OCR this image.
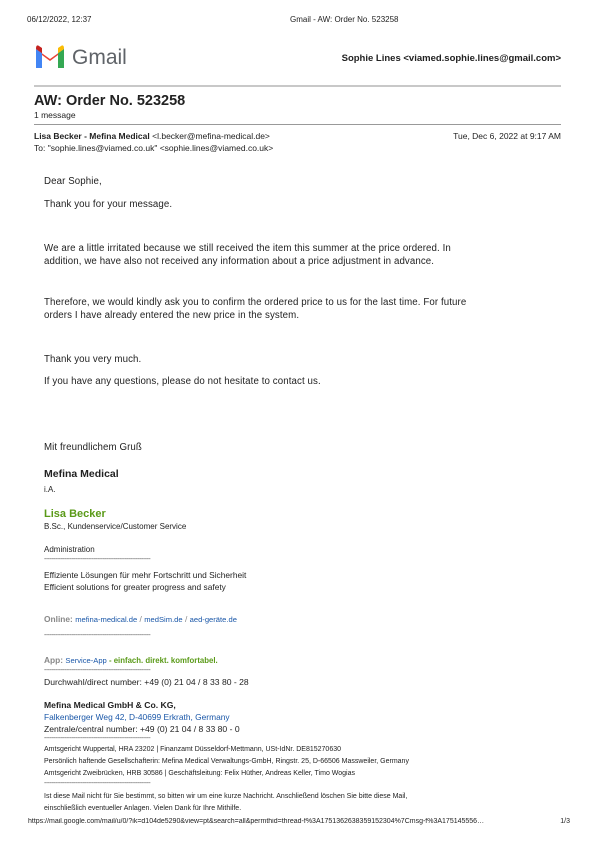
06/12/2022, 12:37	Gmail - AW: Order No. 523258
Gmail	Sophie Lines <viamed.sophie.lines@gmail.com>
AW: Order No. 523258
1 message
Lisa Becker - Mefina Medical <l.becker@mefina-medical.de>	Tue, Dec 6, 2022 at 9:17 AM
To: "sophie.lines@viamed.co.uk" <sophie.lines@viamed.co.uk>
Dear Sophie,
Thank you for your message.
We are a little irritated because we still received the item this summer at the price ordered. In
addition, we have also not received any information about a price adjustment in advance.
Therefore, we would kindly ask you to confirm the ordered price to us for the last time. For future
orders I have already entered the new price in the system.
Thank you very much.
If you have any questions, please do not hesitate to contact us.
Mit freundlichem Gruß
Mefina Medical
i.A.
Lisa Becker
B.Sc., Kundenservice/Customer Service
Administration
----------------------------------------------------------
Effiziente Lösungen für mehr Fortschritt und Sicherheit
Efficient solutions for greater progress and safety
Online: mefina-medical.de / medSim.de / aed-geräte.de
----------------------------------------------------------
App: Service-App - einfach. direkt. komfortabel.
----------------------------------------------------------
Durchwahl/direct number: +49 (0) 21 04 / 8 33 80 - 28
Mefina Medical GmbH & Co. KG,
Falkenberger Weg 42, D-40699 Erkrath, Germany
Zentrale/central number: +49 (0) 21 04 / 8 33 80 - 0
----------------------------------------------------------
Amtsgericht Wuppertal, HRA 23202 | Finanzamt Düsseldorf-Mettmann, USt-IdNr. DE815270630
Persönlich haftende Gesellschafterin: Mefina Medical Verwaltungs-GmbH, Ringstr. 25, D-66506 Massweiler, Germany
Amtsgericht Zweibrücken, HRB 30586 | Geschäftsleitung: Felix Hüther, Andreas Keller, Timo Wogias
----------------------------------------------------------
Ist diese Mail nicht für Sie bestimmt, so bitten wir um eine kurze Nachricht. Anschließend löschen Sie bitte diese Mail,
einschließlich eventueller Anlagen. Vielen Dank für Ihre Mithilfe.
https://mail.google.com/mail/u/0/?ik=d104de5290&view=pt&search=all&permthid=thread-f%3A1751362638359152304%7Cmsg-f%3A175145556…	1/3
